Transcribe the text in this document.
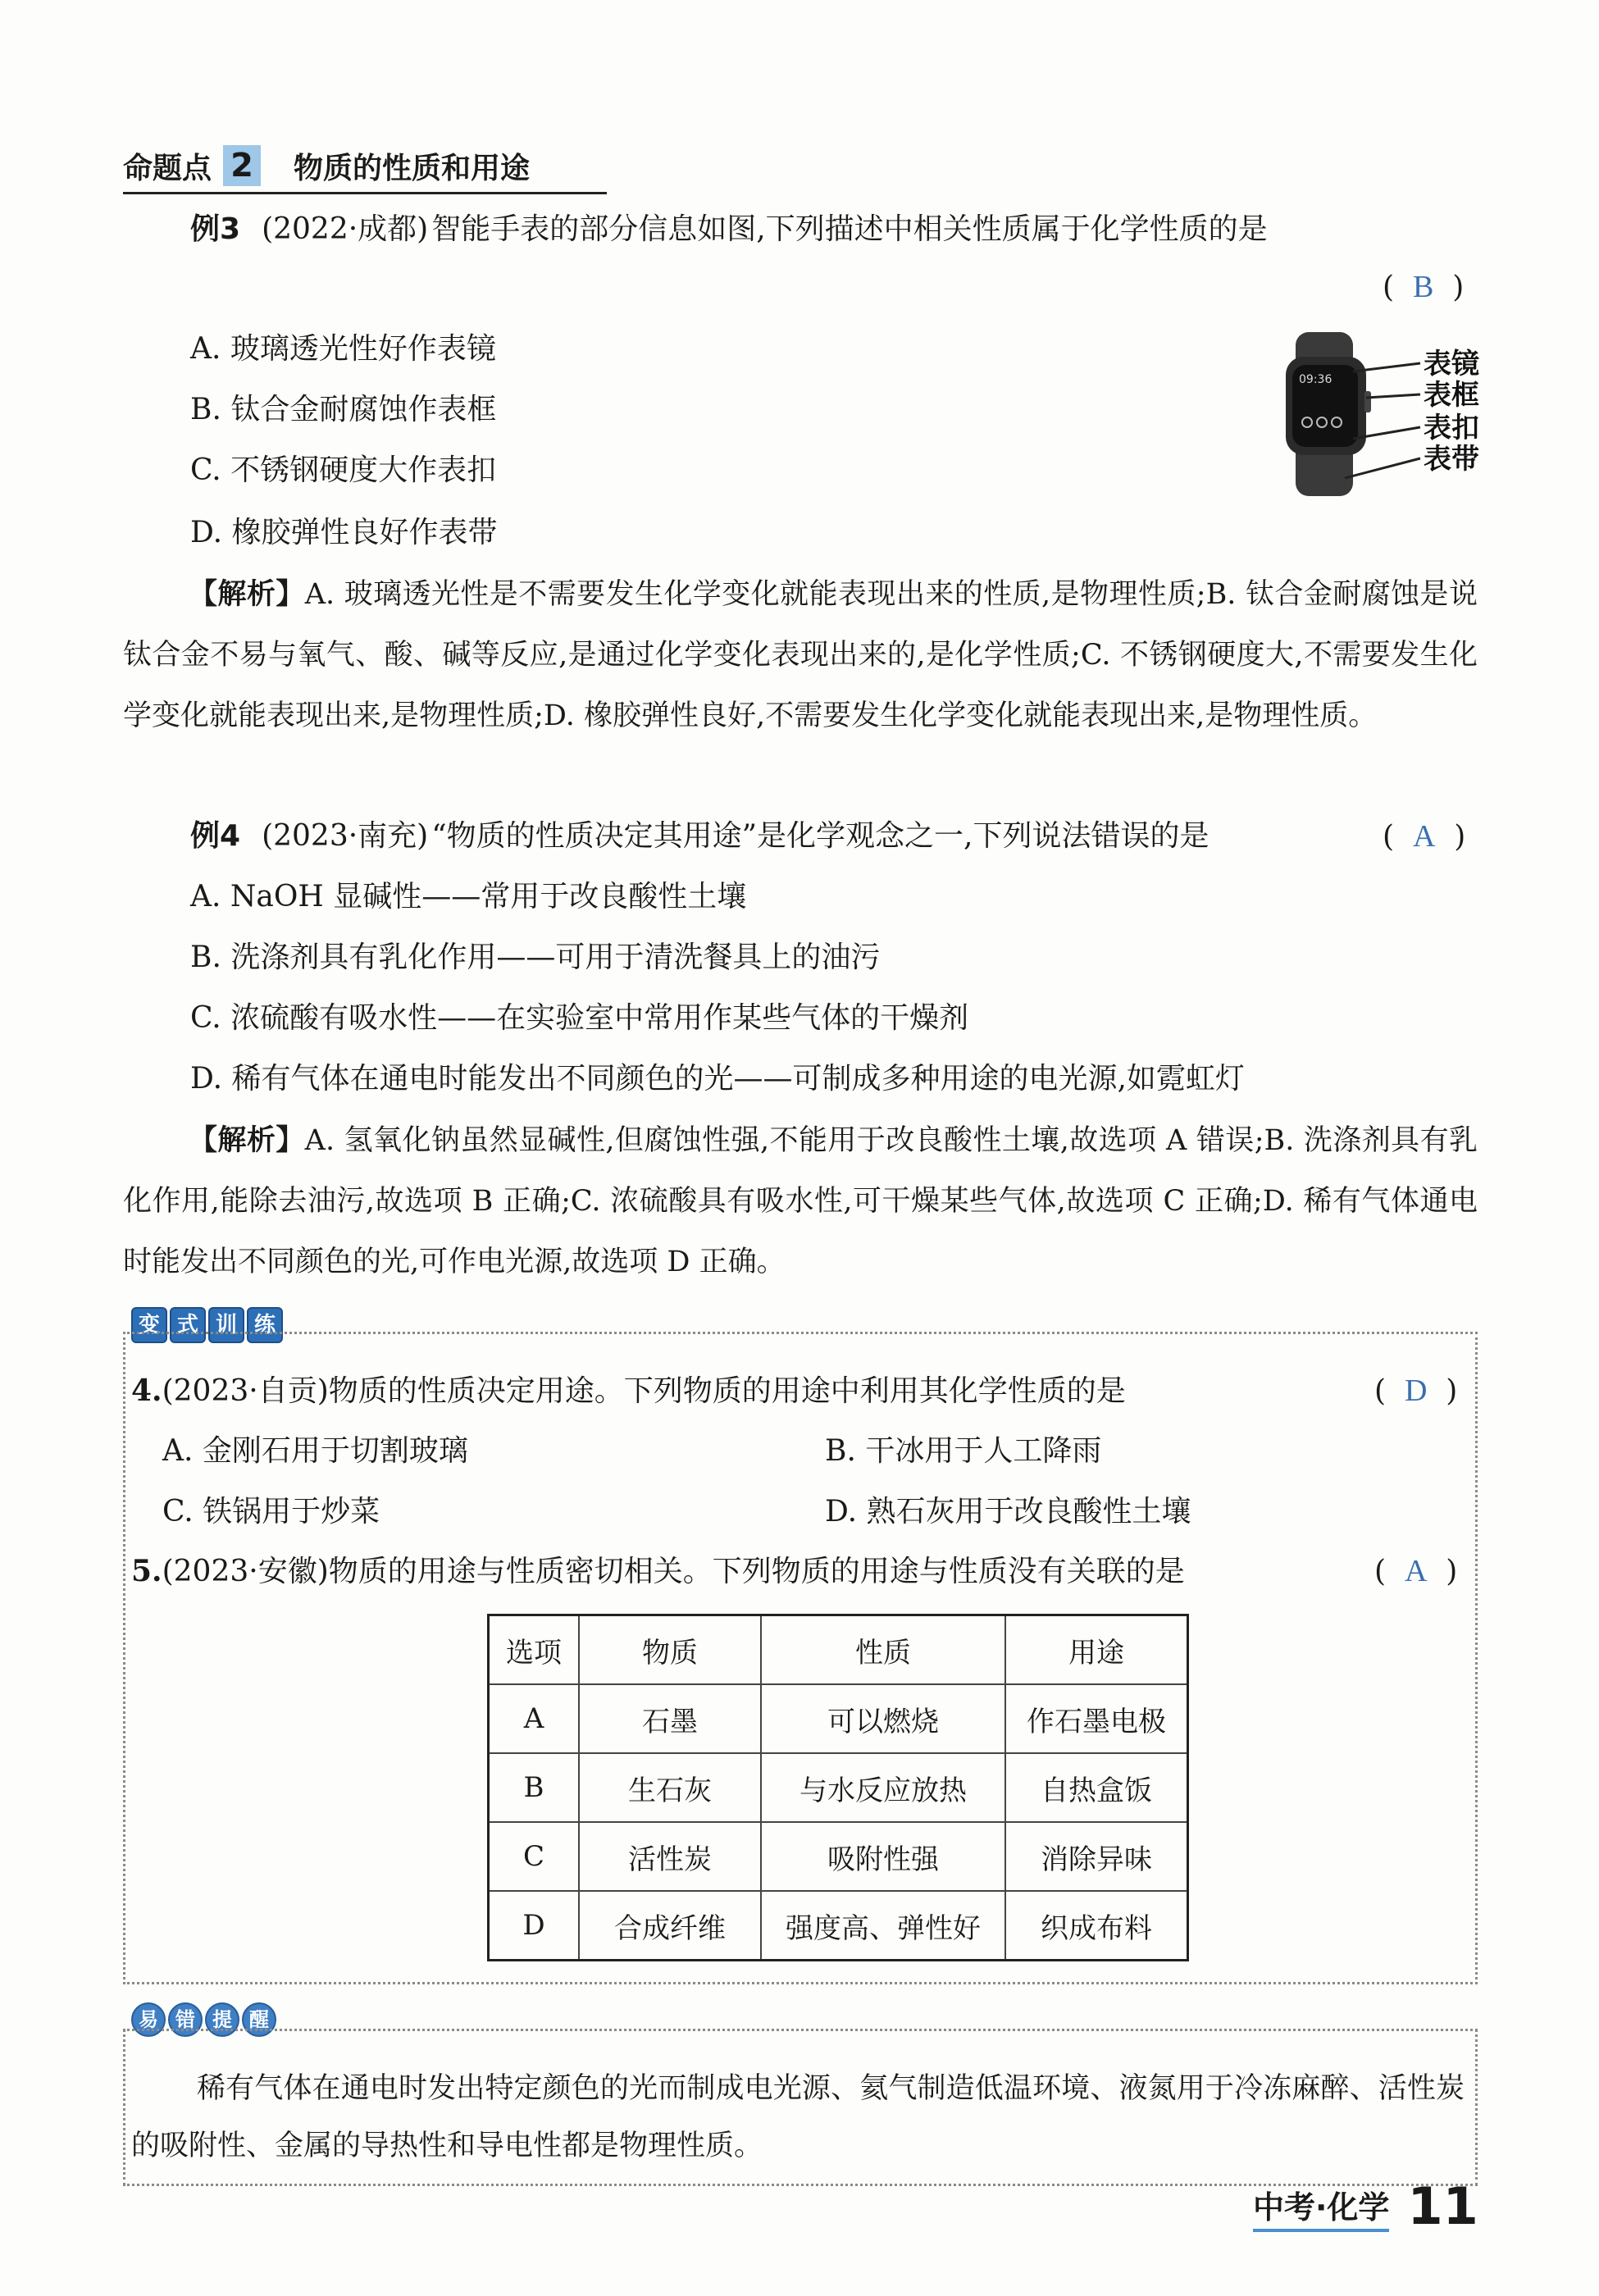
命题点 2 物质的性质和用途
例3 (2022·成都) 智能手表的部分信息如图,下列描述中相关性质属于化学性质的是
( B )
A. 玻璃透光性好作表镜
B. 钛合金耐腐蚀作表框
C. 不锈钢硬度大作表扣
D. 橡胶弹性良好作表带
09:36	表镜
表框
表扣
表带
【解析】A. 玻璃透光性是不需要发生化学变化就能表现出来的性质,是物理性质;B. 钛合金耐腐蚀是说钛合金不易与氧气、酸、碱等反应,是通过化学变化表现出来的,是化学性质;C. 不锈钢硬度大,不需要发生化学变化就能表现出来,是物理性质;D. 橡胶弹性良好,不需要发生化学变化就能表现出来,是物理性质。
例4 (2023·南充) “物质的性质决定其用途”是化学观念之一,下列说法错误的是	( A )
A. NaOH 显碱性——常用于改良酸性土壤
B. 洗涤剂具有乳化作用——可用于清洗餐具上的油污
C. 浓硫酸有吸水性——在实验室中常用作某些气体的干燥剂
D. 稀有气体在通电时能发出不同颜色的光——可制成多种用途的电光源,如霓虹灯
【解析】A. 氢氧化钠虽然显碱性,但腐蚀性强,不能用于改良酸性土壤,故选项 A 错误;B. 洗涤剂具有乳化作用,能除去油污,故选项 B 正确;C. 浓硫酸具有吸水性,可干燥某些气体,故选项 C 正确;D. 稀有气体通电时能发出不同颜色的光,可作电光源,故选项 D 正确。
变 式 训 练
4.(2023·自贡)物质的性质决定用途。下列物质的用途中利用其化学性质的是	( D )
A. 金刚石用于切割玻璃	B. 干冰用于人工降雨
C. 铁锅用于炒菜	D. 熟石灰用于改良酸性土壤
5.(2023·安徽)物质的用途与性质密切相关。下列物质的用途与性质没有关联的是	( A )
选项	物质	性质	用途
A	石墨	可以燃烧	作石墨电极
B	生石灰	与水反应放热	自热盒饭
C	活性炭	吸附性强	消除异味
D	合成纤维	强度高、弹性好	织成布料
易 错 提 醒
稀有气体在通电时发出特定颜色的光而制成电光源、氦气制造低温环境、液氮用于冷冻麻醉、活性炭的吸附性、金属的导热性和导电性都是物理性质。
中考·化学 11
